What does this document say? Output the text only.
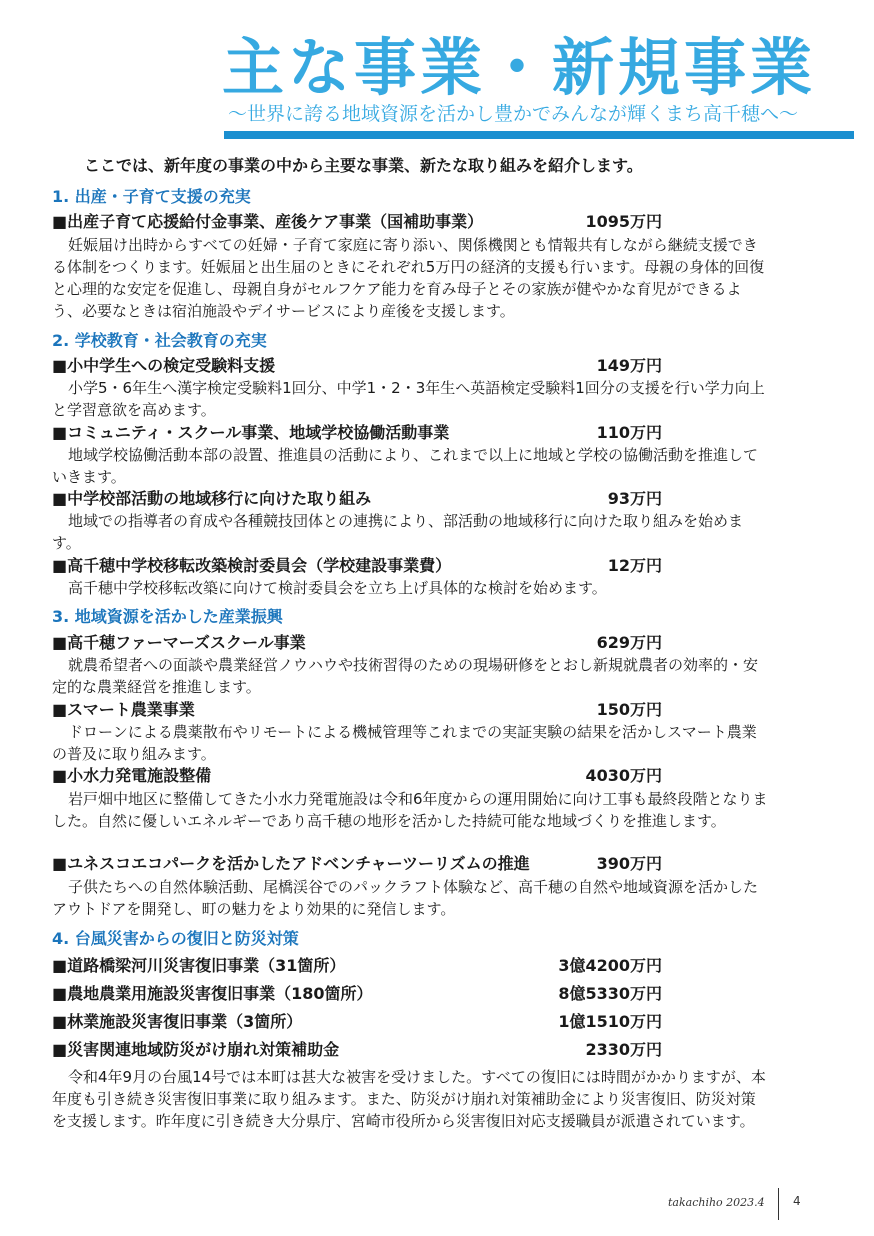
主な事業・新規事業
～世界に誇る地域資源を活かし豊かでみんなが輝くまち高千穂へ～
ここでは、新年度の事業の中から主要な事業、新たな取り組みを紹介します。
1. 出産・子育て支援の充実
■出産子育て応援給付金事業、産後ケア事業（国補助事業）	1095万円
妊娠届け出時からすべての妊婦・子育て家庭に寄り添い、関係機関とも情報共有しながら継続支援できる体制をつくります。妊娠届と出生届のときにそれぞれ5万円の経済的支援も行います。母親の身体的回復と心理的な安定を促進し、母親自身がセルフケア能力を育み母子とその家族が健やかな育児ができるよう、必要なときは宿泊施設やデイサービスにより産後を支援します。
2. 学校教育・社会教育の充実
■小中学生への検定受験料支援	149万円
小学5・6年生へ漢字検定受験料1回分、中学1・2・3年生へ英語検定受験料1回分の支援を行い学力向上と学習意欲を高めます。
■コミュニティ・スクール事業、地域学校協働活動事業	110万円
地域学校協働活動本部の設置、推進員の活動により、これまで以上に地域と学校の協働活動を推進していきます。
■中学校部活動の地域移行に向けた取り組み	93万円
地域での指導者の育成や各種競技団体との連携により、部活動の地域移行に向けた取り組みを始めます。
■高千穂中学校移転改築検討委員会（学校建設事業費）	12万円
高千穂中学校移転改築に向けて検討委員会を立ち上げ具体的な検討を始めます。
3. 地域資源を活かした産業振興
■高千穂ファーマーズスクール事業	629万円
就農希望者への面談や農業経営ノウハウや技術習得のための現場研修をとおし新規就農者の効率的・安定的な農業経営を推進します。
■スマート農業事業	150万円
ドローンによる農薬散布やリモートによる機械管理等これまでの実証実験の結果を活かしスマート農業の普及に取り組みます。
■小水力発電施設整備	4030万円
岩戸畑中地区に整備してきた小水力発電施設は令和6年度からの運用開始に向け工事も最終段階となりました。自然に優しいエネルギーであり高千穂の地形を活かした持続可能な地域づくりを推進します。
■ユネスコエコパークを活かしたアドベンチャーツーリズムの推進	390万円
子供たちへの自然体験活動、尾橋渓谷でのパックラフト体験など、高千穂の自然や地域資源を活かしたアウトドアを開発し、町の魅力をより効果的に発信します。
4. 台風災害からの復旧と防災対策
■道路橋梁河川災害復旧事業（31箇所）	3億4200万円
■農地農業用施設災害復旧事業（180箇所）	8億5330万円
■林業施設災害復旧事業（3箇所）	1億1510万円
■災害関連地域防災がけ崩れ対策補助金	2330万円
令和4年9月の台風14号では本町は甚大な被害を受けました。すべての復旧には時間がかかりますが、本年度も引き続き災害復旧事業に取り組みます。また、防災がけ崩れ対策補助金により災害復旧、防災対策を支援します。昨年度に引き続き大分県庁、宮崎市役所から災害復旧対応支援職員が派遣されています。
takachiho 2023.4 4
